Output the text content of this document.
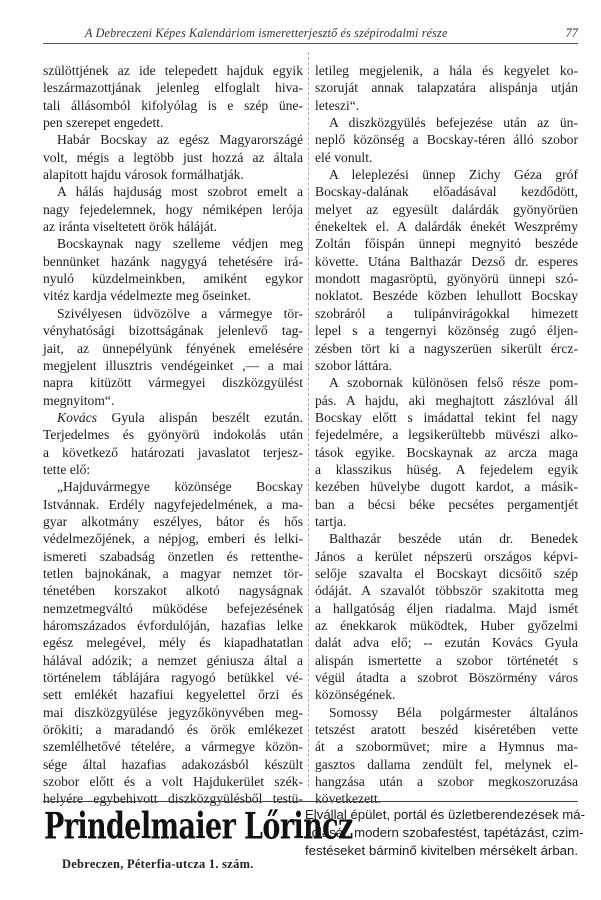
A Debreczeni Képes Kalendáriom ismeretterjesztő és szépirodalmi része	77
szülöttjének az ide telepedett hajduk egyik
leszármazottjának jelenleg elfoglalt hiva-
tali állásomból kifolyólag is e szép üne-
pen szerepet engedett.
Habár Bocskay az egész Magyarországé
volt, mégis a legtöbb just hozzá az általa
alapitott hajdu városok formálhatják.
A hálás hajduság most szobrot emelt a
nagy fejedelemnek, hogy némiképen lerója
az iránta viseltetett örök háláját.
Bocskaynak nagy szelleme védjen meg
bennünket hazánk nagygyá tehetésére irá-
nyuló küzdelmeinkben, amiként egykor
vitéz kardja védelmezte meg őseinket.
Szivélyesen üdvözölve a vármegye tör-
vényhatósági bizottságának jelenlevő tag-
jait, az ünnepélyünk fényének emelésére
megjelent illusztris vendégeinket ,— a mai
napra kitüzött vármegyei diszközgyülést
megnyitom“.
Kovács Gyula alispán beszélt ezután.
Terjedelmes és gyönyörü indokolás után
a következő határozati javaslatot terjesz-
tette elő:
„Hajduvármegye közönsége Bocskay
Istvánnak. Erdély nagyfejedelmének, a ma-
gyar alkotmány eszélyes, bátor és hős
védelmezőjének, a népjog, emberi és lelki-
ismereti szabadság önzetlen és rettenthe-
tetlen bajnokának, a magyar nemzet tör-
ténetében korszakot alkotó nagyságnak
nemzetmegváltó müködése befejezésének
háromszázados évfordulóján, hazafias lelke
egész melegével, mély és kiapadhatatlan
hálával adózik; a nemzet géniusza által a
történelem táblájára ragyogó betükkel vé-
sett emlékét hazafiui kegyelettel őrzi és
mai diszközgyülése jegyzőkönyvében meg-
örökiti; a maradandó és örök emlékezet
szemlélhetővé tételére, a vármegye közön-
sége által hazafias adakozásból készült
szobor előtt és a volt Hajdukerület szék-
helyére egybehivott diszközgyülésből testü-
letileg megjelenik, a hála és kegyelet ko-
szoruját annak talapzatára alispánja utján
leteszi“.
A diszközgyülés befejezése után az ün-
neplő közönség a Bocskay-téren álló szobor
elé vonult.
A leleplezési ünnep Zichy Géza gróf
Bocskay-dalának előadásával kezdődött,
melyet az egyesült dalárdák gyönyörüen
énekeltek el. A dalárdák énekét Weszprémy
Zoltán főispán ünnepi megnyitó beszéde
követte. Utána Balthazár Dezső dr. esperes
mondott magasröptü, gyönyörü ünnepi szó-
noklatot. Beszéde közben lehullott Bocskay
szobráról a tulipánvirágokkal himezett
lepel s a tengernyi közönség zugó éljen-
zésben tört ki a nagyszerüen sikerült ércz-
szobor láttára.
A szobornak különösen felső része pom-
pás. A hajdu, aki meghajtott zászlóval áll
Bocskay előtt s imádattal tekint fel nagy
fejedelmére, a legsikerültebb müvészi alko-
tások egyike. Bocskaynak az arcza maga
a klasszikus hüség. A fejedelem egyik
kezében hüvelybe dugott kardot, a másik-
ban a bécsi béke pecsétes pergamentjét
tartja.
Balthazár beszéde után dr. Benedek
János a kerület népszerü országos képvi-
selője szavalta el Bocskayt dicsőitő szép
ódáját. A szavalót többször szakitotta meg
a hallgatóság éljen riadalma. Majd ismét
az énekkarok müködtek, Huber győzelmi
dalát adva elő; -- ezután Kovács Gyula
alispán ismertette a szobor történetét s
végül átadta a szobrot Böszörmény város
közönségének.
Somossy Béla polgármester általános
tetszést aratott beszéd kiséretében vette
át a szobormüvet; mire a Hymnus ma-
gasztos dallama zendült fel, melynek el-
hangzása után a szobor megkoszoruzása
következett.
Prindelmaier Lőrincz
Debreczen, Péterfia-utcza 1. szám.
Elvállal épület, portál és üzletberendezések má-
zolását, modern szobafestést, tapétázást, czim-
festéseket bárminő kivitelben mérsékelt árban.
